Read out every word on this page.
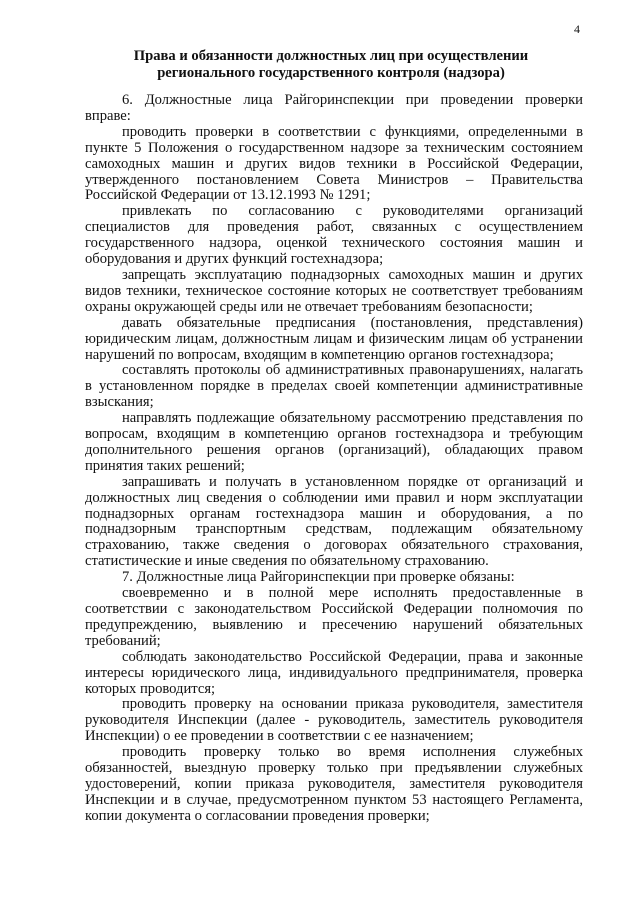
4
Права и обязанности должностных лиц при осуществлении
регионального государственного контроля (надзора)

6. Должностные лица Райгоринспекции при проведении проверки вправе:

проводить проверки в соответствии с функциями, определенными в пункте 5 Положения о государственном надзоре за техническим состоянием самоходных машин и других видов техники в Российской Федерации, утвержденного постановлением Совета Министров – Правительства Российской Федерации от 13.12.1993 № 1291;

привлекать по согласованию с руководителями организаций специалистов для проведения работ, связанных с осуществлением государственного надзора, оценкой технического состояния машин и оборудования и других функций гостехнадзора;

запрещать эксплуатацию поднадзорных самоходных машин и других видов техники, техническое состояние которых не соответствует требованиям охраны окружающей среды или не отвечает требованиям безопасности;

давать обязательные предписания (постановления, представления) юридическим лицам, должностным лицам и физическим лицам об устранении нарушений по вопросам, входящим в компетенцию органов гостехнадзора;

составлять протоколы об административных правонарушениях, налагать в установленном порядке в пределах своей компетенции административные взыскания;

направлять подлежащие обязательному рассмотрению представления по вопросам, входящим в компетенцию органов гостехнадзора и требующим дополнительного решения органов (организаций), обладающих правом принятия таких решений;

запрашивать и получать в установленном порядке от организаций и должностных лиц сведения о соблюдении ими правил и норм эксплуатации поднадзорных органам гостехнадзора машин и оборудования, а по поднадзорным транспортным средствам, подлежащим обязательному страхованию, также сведения о договорах обязательного страхования, статистические и иные сведения по обязательному страхованию.

7. Должностные лица Райгоринспекции при проверке обязаны:

своевременно и в полной мере исполнять предоставленные в соответствии с законодательством Российской Федерации полномочия по предупреждению, выявлению и пресечению нарушений обязательных требований;

соблюдать законодательство Российской Федерации, права и законные интересы юридического лица, индивидуального предпринимателя, проверка которых проводится;

проводить проверку на основании приказа руководителя, заместителя руководителя Инспекции (далее - руководитель, заместитель руководителя Инспекции) о ее проведении в соответствии с ее назначением;

проводить проверку только во время исполнения служебных обязанностей, выездную проверку только при предъявлении служебных удостоверений, копии приказа руководителя, заместителя руководителя Инспекции и в случае, предусмотренном пунктом 53 настоящего Регламента, копии документа о согласовании проведения проверки;
